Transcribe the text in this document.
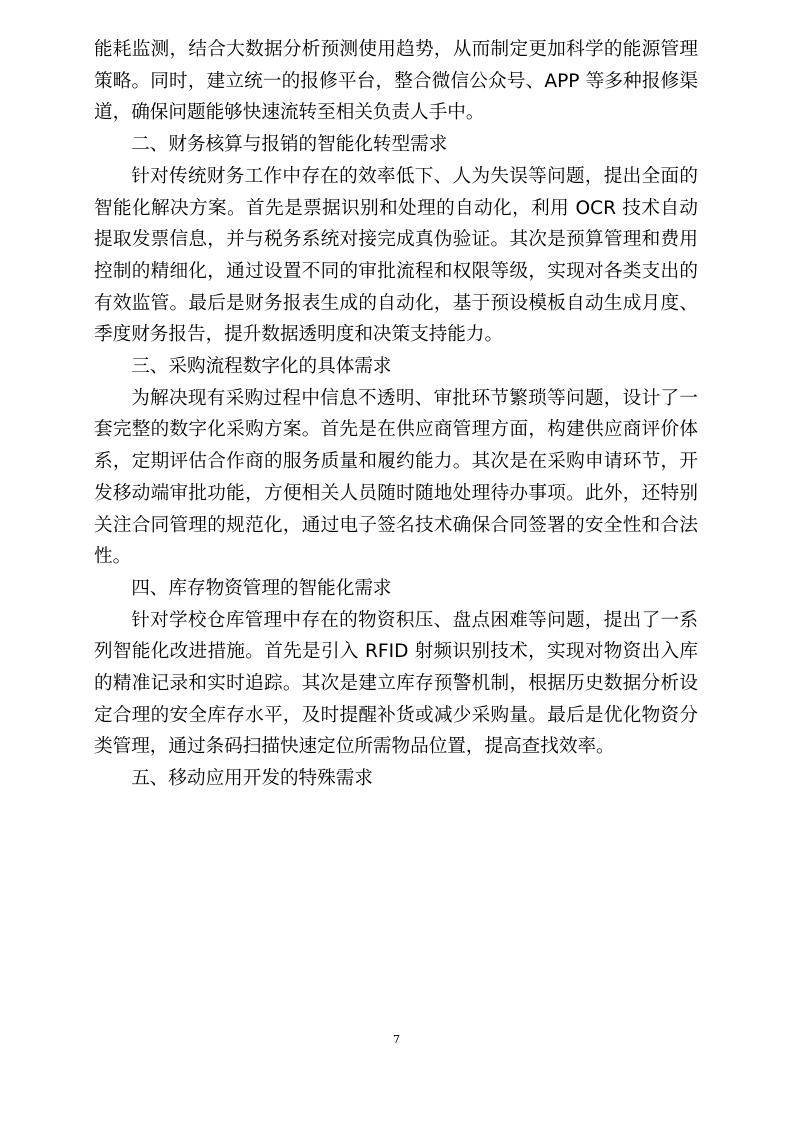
能耗监测，结合大数据分析预测使用趋势，从而制定更加科学的能源管理策略。同时，建立统一的报修平台，整合微信公众号、APP 等多种报修渠道，确保问题能够快速流转至相关负责人手中。

二、财务核算与报销的智能化转型需求

针对传统财务工作中存在的效率低下、人为失误等问题，提出全面的智能化解决方案。首先是票据识别和处理的自动化，利用 OCR 技术自动提取发票信息，并与税务系统对接完成真伪验证。其次是预算管理和费用控制的精细化，通过设置不同的审批流程和权限等级，实现对各类支出的有效监管。最后是财务报表生成的自动化，基于预设模板自动生成月度、季度财务报告，提升数据透明度和决策支持能力。

三、采购流程数字化的具体需求

为解决现有采购过程中信息不透明、审批环节繁琐等问题，设计了一套完整的数字化采购方案。首先是在供应商管理方面，构建供应商评价体系，定期评估合作商的服务质量和履约能力。其次是在采购申请环节，开发移动端审批功能，方便相关人员随时随地处理待办事项。此外，还特别关注合同管理的规范化，通过电子签名技术确保合同签署的安全性和合法性。

四、库存物资管理的智能化需求

针对学校仓库管理中存在的物资积压、盘点困难等问题，提出了一系列智能化改进措施。首先是引入 RFID 射频识别技术，实现对物资出入库的精准记录和实时追踪。其次是建立库存预警机制，根据历史数据分析设定合理的安全库存水平，及时提醒补货或减少采购量。最后是优化物资分类管理，通过条码扫描快速定位所需物品位置，提高查找效率。

五、移动应用开发的特殊需求

7
